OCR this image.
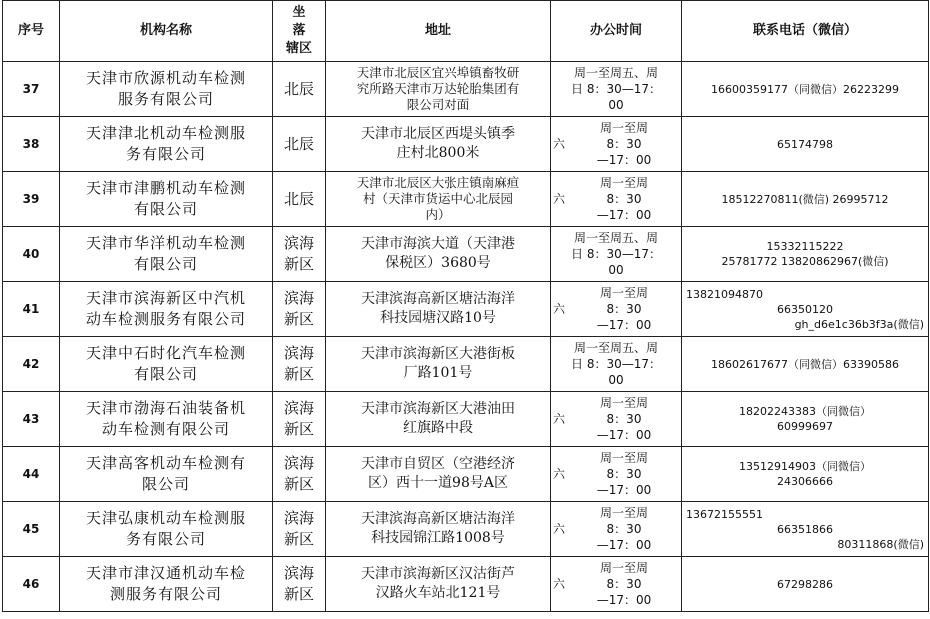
序号	机构名称	坐
落
辖区	地址	办公时间	联系电话（微信）
37	天津市欣源机动车检测
服务有限公司	北辰	天津市北辰区宜兴埠镇畜牧研
究所路天津市万达轮胎集团有
限公司对面	周一至周五、周
日 8：30—17：
00	16600359177（同微信）26223299

38	天津津北机动车检测服
务有限公司	北辰	天津市北辰区西堤头镇季
庄村北800米	六
周一至周
8：30
—17：00	65174798

39	天津市津鹏机动车检测
有限公司	北辰	天津市北辰区大张庄镇南麻疸
村（天津市货运中心北辰园
内）	六
周一至周
8：30
—17：00	18512270811(微信) 26995712

40	天津市华洋机动车检测
有限公司	滨海
新区	天津市海滨大道（天津港
保税区）3680号	周一至周五、周
日 8：30—17：
00	15332115222
25781772 13820862967(微信)

41	天津市滨海新区中汽机
动车检测服务有限公司	滨海
新区	天津滨海高新区塘沽海洋
科技园塘汉路10号	六
周一至周
8：30
—17：00	13821094870
66350120
gh_d6e1c36b3f3a(微信)

42	天津中石时化汽车检测
有限公司	滨海
新区	天津市滨海新区大港街板
厂路101号	周一至周五、周
日 8：30—17：
00	18602617677（同微信）63390586

43	天津市渤海石油装备机
动车检测有限公司	滨海
新区	天津市滨海新区大港油田
红旗路中段	六
周一至周
8：30
—17：00	18202243383（同微信）
60999697

44	天津高客机动车检测有
限公司	滨海
新区	天津市自贸区（空港经济
区）西十一道98号A区	六
周一至周
8：30
—17：00	13512914903（同微信）
24306666

45	天津弘康机动车检测服
务有限公司	滨海
新区	天津滨海高新区塘沽海洋
科技园锦江路1008号	六
周一至周
8：30
—17：00	13672155551
66351866
80311868(微信)

46	天津市津汉通机动车检
测服务有限公司	滨海
新区	天津市滨海新区汉沽街芦
汉路火车站北121号	六
周一至周
8：30
—17：00	67298286
